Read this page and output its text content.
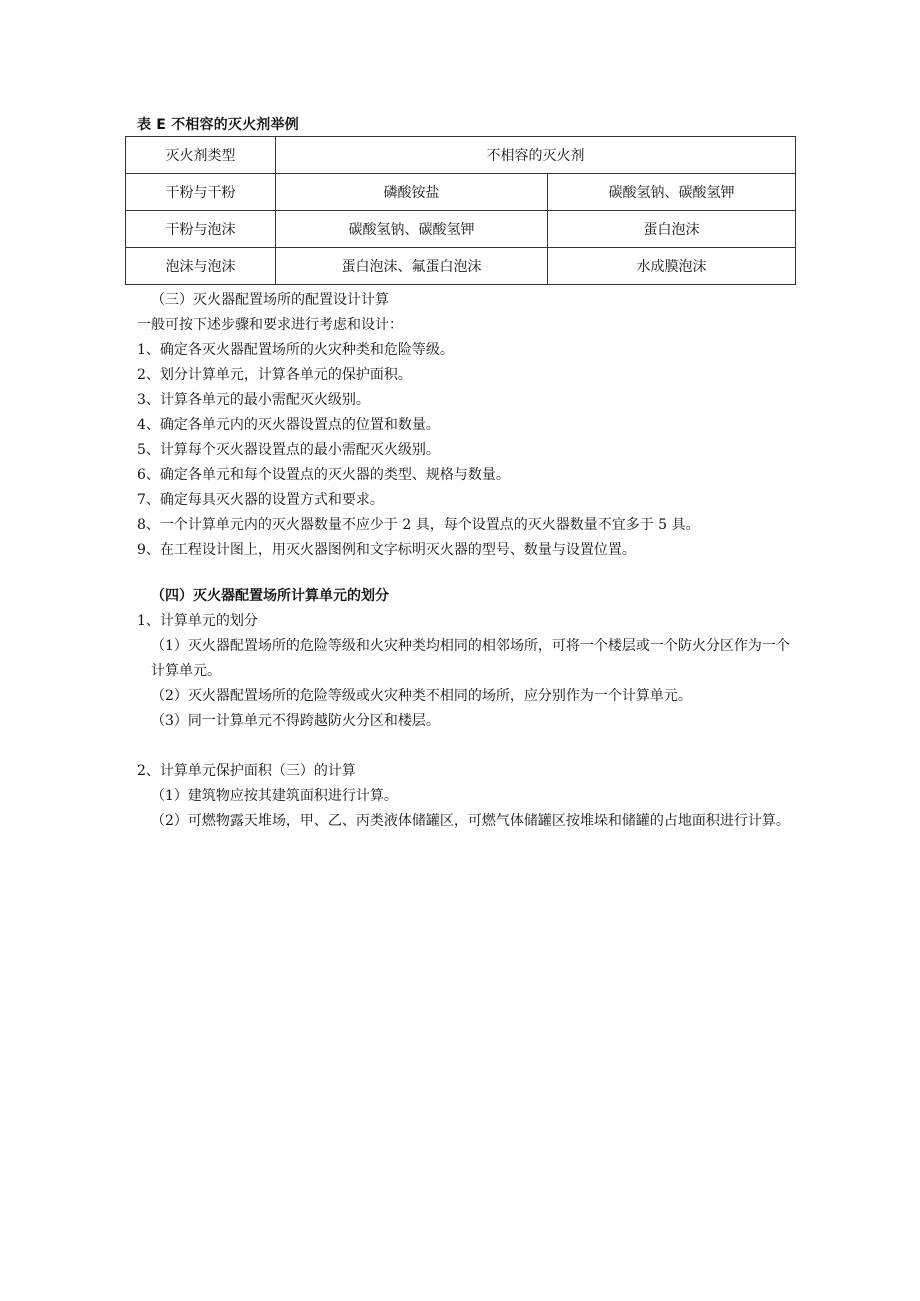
表 E 不相容的灭火剂举例
灭火剂类型	不相容的灭火剂	
干粉与干粉	磷酸铵盐	碳酸氢钠、碳酸氢钾
干粉与泡沫	碳酸氢钠、碳酸氢钾	蛋白泡沫
泡沫与泡沫	蛋白泡沫、氟蛋白泡沫	水成膜泡沫
（三）灭火器配置场所的配置设计计算
一般可按下述步骤和要求进行考虑和设计：
1、确定各灭火器配置场所的火灾种类和危险等级。
2、划分计算单元，计算各单元的保护面积。
3、计算各单元的最小需配灭火级别。
4、确定各单元内的灭火器设置点的位置和数量。
5、计算每个灭火器设置点的最小需配灭火级别。
6、确定各单元和每个设置点的灭火器的类型、规格与数量。
7、确定每具灭火器的设置方式和要求。
8、一个计算单元内的灭火器数量不应少于 2 具，每个设置点的灭火器数量不宜多于 5 具。
9、在工程设计图上，用灭火器图例和文字标明灭火器的型号、数量与设置位置。
（四）灭火器配置场所计算单元的划分
1、计算单元的划分
（1）灭火器配置场所的危险等级和火灾种类均相同的相邻场所，可将一个楼层或一个防火分区作为一个计算单元。
（2）灭火器配置场所的危险等级或火灾种类不相同的场所，应分别作为一个计算单元。
（3）同一计算单元不得跨越防火分区和楼层。
2、计算单元保护面积（三）的计算
（1）建筑物应按其建筑面积进行计算。
（2）可燃物露天堆场，甲、乙、丙类液体储罐区，可燃气体储罐区按堆垛和储罐的占地面积进行计算。
